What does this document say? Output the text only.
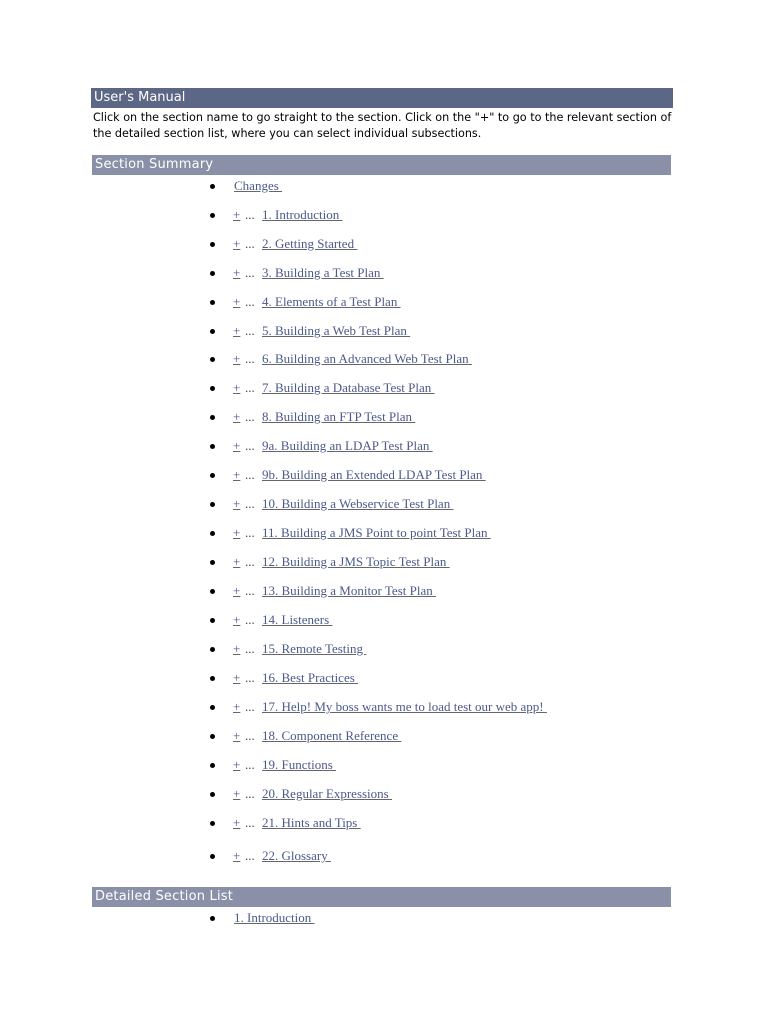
User's Manual
Click on the section name to go straight to the section. Click on the "+" to go to the relevant section of the detailed section list, where you can select individual subsections.
Section Summary
Changes
+ ... 1. Introduction
+ ... 2. Getting Started
+ ... 3. Building a Test Plan
+ ... 4. Elements of a Test Plan
+ ... 5. Building a Web Test Plan
+ ... 6. Building an Advanced Web Test Plan
+ ... 7. Building a Database Test Plan
+ ... 8. Building an FTP Test Plan
+ ... 9a. Building an LDAP Test Plan
+ ... 9b. Building an Extended LDAP Test Plan
+ ... 10. Building a Webservice Test Plan
+ ... 11. Building a JMS Point to point Test Plan
+ ... 12. Building a JMS Topic Test Plan
+ ... 13. Building a Monitor Test Plan
+ ... 14. Listeners
+ ... 15. Remote Testing
+ ... 16. Best Practices
+ ... 17. Help! My boss wants me to load test our web app!
+ ... 18. Component Reference
+ ... 19. Functions
+ ... 20. Regular Expressions
+ ... 21. Hints and Tips
+ ... 22. Glossary
Detailed Section List
1. Introduction
